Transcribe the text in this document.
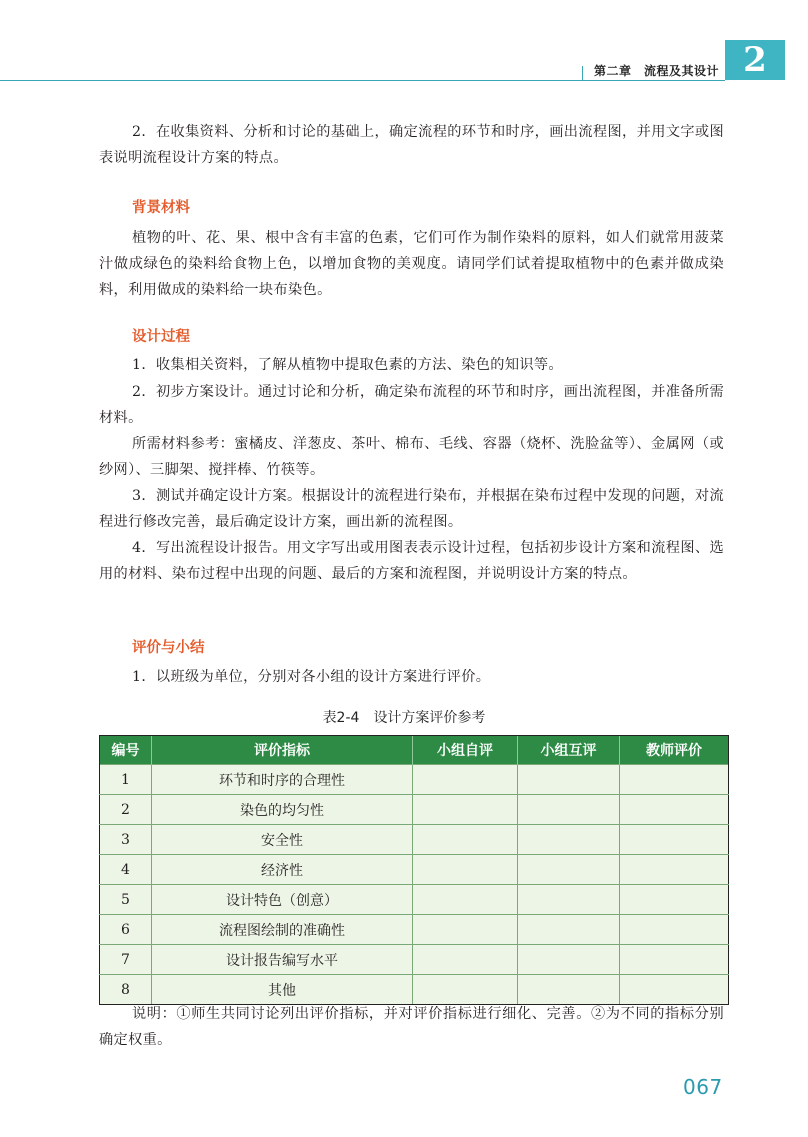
第二章　流程及其设计 2
2．在收集资料、分析和讨论的基础上，确定流程的环节和时序，画出流程图，并用文字或图表说明流程设计方案的特点。
背景材料
植物的叶、花、果、根中含有丰富的色素，它们可作为制作染料的原料，如人们就常用菠菜汁做成绿色的染料给食物上色，以增加食物的美观度。请同学们试着提取植物中的色素并做成染料，利用做成的染料给一块布染色。
设计过程
1．收集相关资料，了解从植物中提取色素的方法、染色的知识等。
2．初步方案设计。通过讨论和分析，确定染布流程的环节和时序，画出流程图，并准备所需材料。
所需材料参考：蜜橘皮、洋葱皮、茶叶、棉布、毛线、容器（烧杯、洗脸盆等）、金属网（或纱网）、三脚架、搅拌棒、竹筷等。
3．测试并确定设计方案。根据设计的流程进行染布，并根据在染布过程中发现的问题，对流程进行修改完善，最后确定设计方案，画出新的流程图。
4．写出流程设计报告。用文字写出或用图表表示设计过程，包括初步设计方案和流程图、选用的材料、染布过程中出现的问题、最后的方案和流程图，并说明设计方案的特点。
评价与小结
1．以班级为单位，分别对各小组的设计方案进行评价。
表2-4 设计方案评价参考
编号	评价指标	小组自评	小组互评	教师评价
1	环节和时序的合理性			
2	染色的均匀性			
3	安全性			
4	经济性			
5	设计特色（创意）			
6	流程图绘制的准确性			
7	设计报告编写水平			
8	其他			
说明：①师生共同讨论列出评价指标，并对评价指标进行细化、完善。②为不同的指标分别确定权重。
067
